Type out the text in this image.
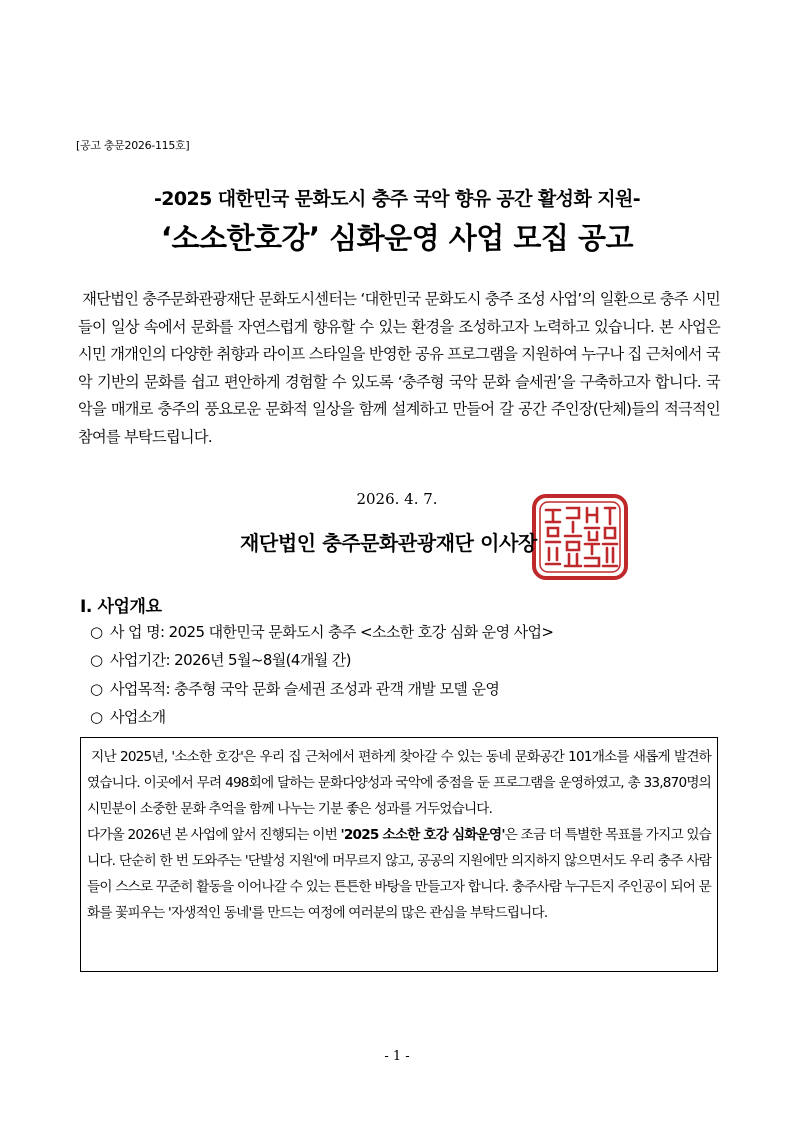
[공고 충문2026-115호]
-2025 대한민국 문화도시 충주 국악 향유 공간 활성화 지원-
‘소소한호강’ 심화운영 사업 모집 공고

재단법인 충주문화관광재단 문화도시센터는 ‘대한민국 문화도시 충주 조성 사업’의 일환으로 충주 시민들이 일상 속에서 문화를 자연스럽게 향유할 수 있는 환경을 조성하고자 노력하고 있습니다. 본 사업은 시민 개개인의 다양한 취향과 라이프 스타일을 반영한 공유 프로그램을 지원하여 누구나 집 근처에서 국악 기반의 문화를 쉽고 편안하게 경험할 수 있도록 ‘충주형 국악 문화 슬세권’을 구축하고자 합니다. 국악을 매개로 충주의 풍요로운 문화적 일상을 함께 설계하고 만들어 갈 공간 주인장(단체)들의 적극적인 참여를 부탁드립니다.

2026. 4. 7.
재단법인 충주문화관광재단 이사장
Ⅰ. 사업개요
○ 사 업 명: 2025 대한민국 문화도시 충주 <소소한 호강 심화 운영 사업>
○ 사업기간: 2026년 5월~8월(4개월 간)
○ 사업목적: 충주형 국악 문화 슬세권 조성과 관객 개발 모델 운영
○ 사업소개

지난 2025년, '소소한 호강'은 우리 집 근처에서 편하게 찾아갈 수 있는 동네 문화공간 101개소를 새롭게 발견하였습니다. 이곳에서 무려 498회에 달하는 문화다양성과 국악에 중점을 둔 프로그램을 운영하였고, 총 33,870명의 시민분이 소중한 문화 추억을 함께 나누는 기분 좋은 성과를 거두었습니다.

다가올 2026년 본 사업에 앞서 진행되는 이번 '2025 소소한 호강 심화운영'은 조금 더 특별한 목표를 가지고 있습니다. 단순히 한 번 도와주는 '단발성 지원'에 머무르지 않고, 공공의 지원에만 의지하지 않으면서도 우리 충주 사람들이 스스로 꾸준히 활동을 이어나갈 수 있는 튼튼한 바탕을 만들고자 합니다. 충주사람 누구든지 주인공이 되어 문화를 꽃피우는 '자생적인 동네'를 만드는 여정에 여러분의 많은 관심을 부탁드립니다.

- 1 -
